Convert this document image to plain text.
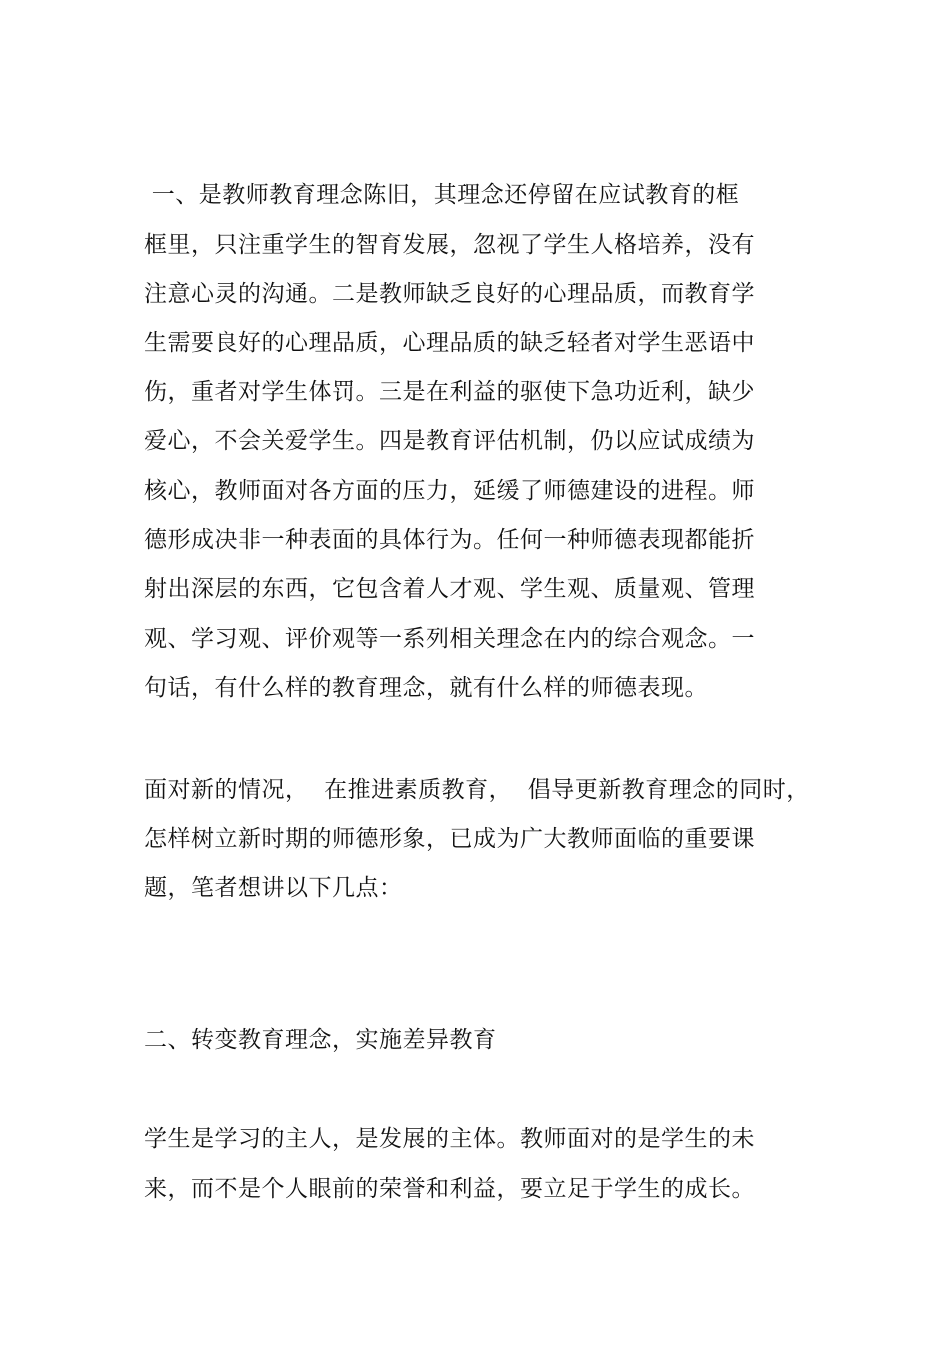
一、是教师教育理念陈旧，其理念还停留在应试教育的框
框里，只注重学生的智育发展，忽视了学生人格培养，没有
注意心灵的沟通。二是教师缺乏良好的心理品质，而教育学
生需要良好的心理品质，心理品质的缺乏轻者对学生恶语中
伤，重者对学生体罚。三是在利益的驱使下急功近利，缺少
爱心，不会关爱学生。四是教育评估机制，仍以应试成绩为
核心，教师面对各方面的压力，延缓了师德建设的进程。师
德形成决非一种表面的具体行为。任何一种师德表现都能折
射出深层的东西，它包含着人才观、学生观、质量观、管理
观、学习观、评价观等一系列相关理念在内的综合观念。一
句话，有什么样的教育理念，就有什么样的师德表现。
面对新的情况，  在推进素质教育，  倡导更新教育理念的同时，
怎样树立新时期的师德形象，已成为广大教师面临的重要课
题，笔者想讲以下几点：
二、转变教育理念，实施差异教育
学生是学习的主人，是发展的主体。教师面对的是学生的未
来，而不是个人眼前的荣誉和利益，要立足于学生的成长。
